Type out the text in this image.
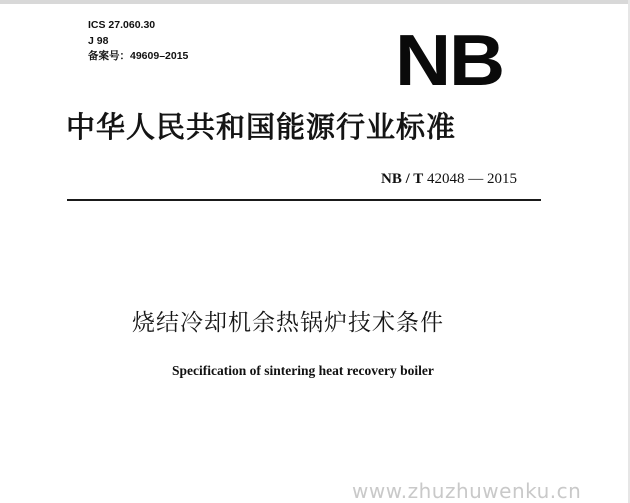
ICS 27.060.30
J 98
备案号：49609–2015	NB
中华人民共和国能源行业标准
NB / T 42048 — 2015
烧结冷却机余热锅炉技术条件
Specification of sintering heat recovery boiler
www.zhuzhuwenku.cn
